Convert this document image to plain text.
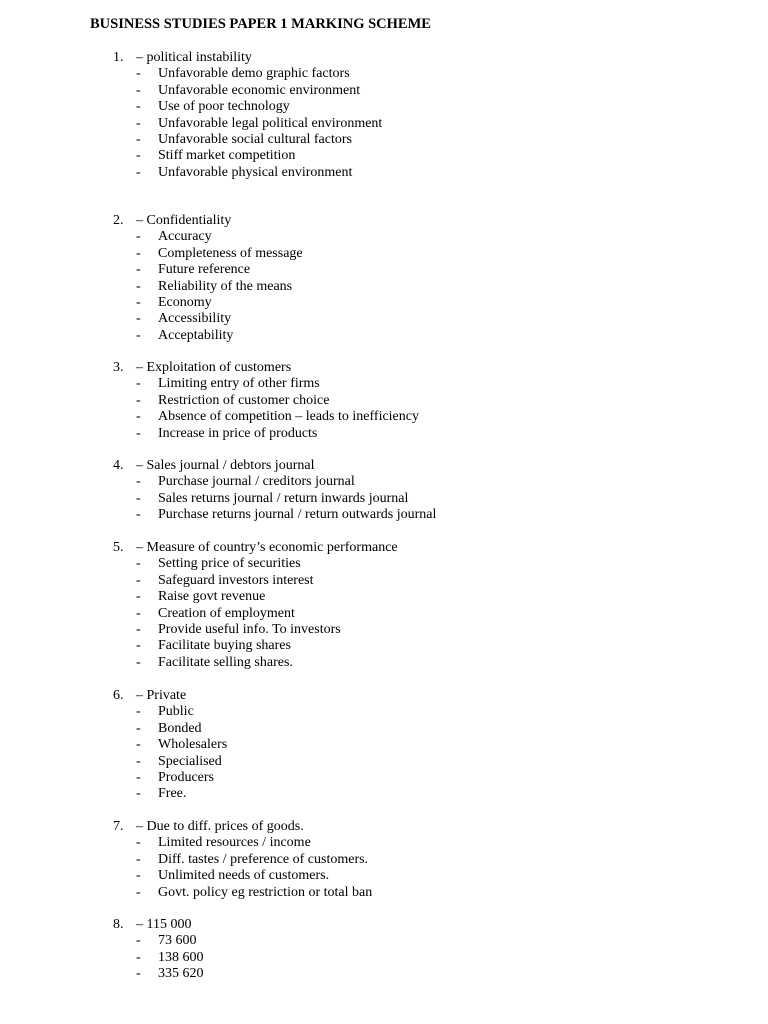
BUSINESS STUDIES PAPER 1 MARKING SCHEME
1. – political instability
- Unfavorable demo graphic factors
- Unfavorable economic environment
- Use of poor technology
- Unfavorable legal political environment
- Unfavorable social cultural factors
- Stiff market competition
- Unfavorable physical environment
2. – Confidentiality
- Accuracy
- Completeness of message
- Future reference
- Reliability of the means
- Economy
- Accessibility
- Acceptability
3. – Exploitation of customers
- Limiting entry of other firms
- Restriction of customer choice
- Absence of competition – leads to inefficiency
- Increase in price of products
4. – Sales journal / debtors journal
- Purchase journal / creditors journal
- Sales returns journal / return inwards journal
- Purchase returns journal / return outwards journal
5. – Measure of country’s economic performance
- Setting price of securities
- Safeguard investors interest
- Raise govt revenue
- Creation of employment
- Provide useful info. To investors
- Facilitate buying shares
- Facilitate selling shares.
6. – Private
- Public
- Bonded
- Wholesalers
- Specialised
- Producers
- Free.
7. – Due to diff. prices of goods.
- Limited resources / income
- Diff. tastes / preference of customers.
- Unlimited needs of customers.
- Govt. policy eg restriction or total ban
8. – 115 000
- 73 600
- 138 600
- 335 620
